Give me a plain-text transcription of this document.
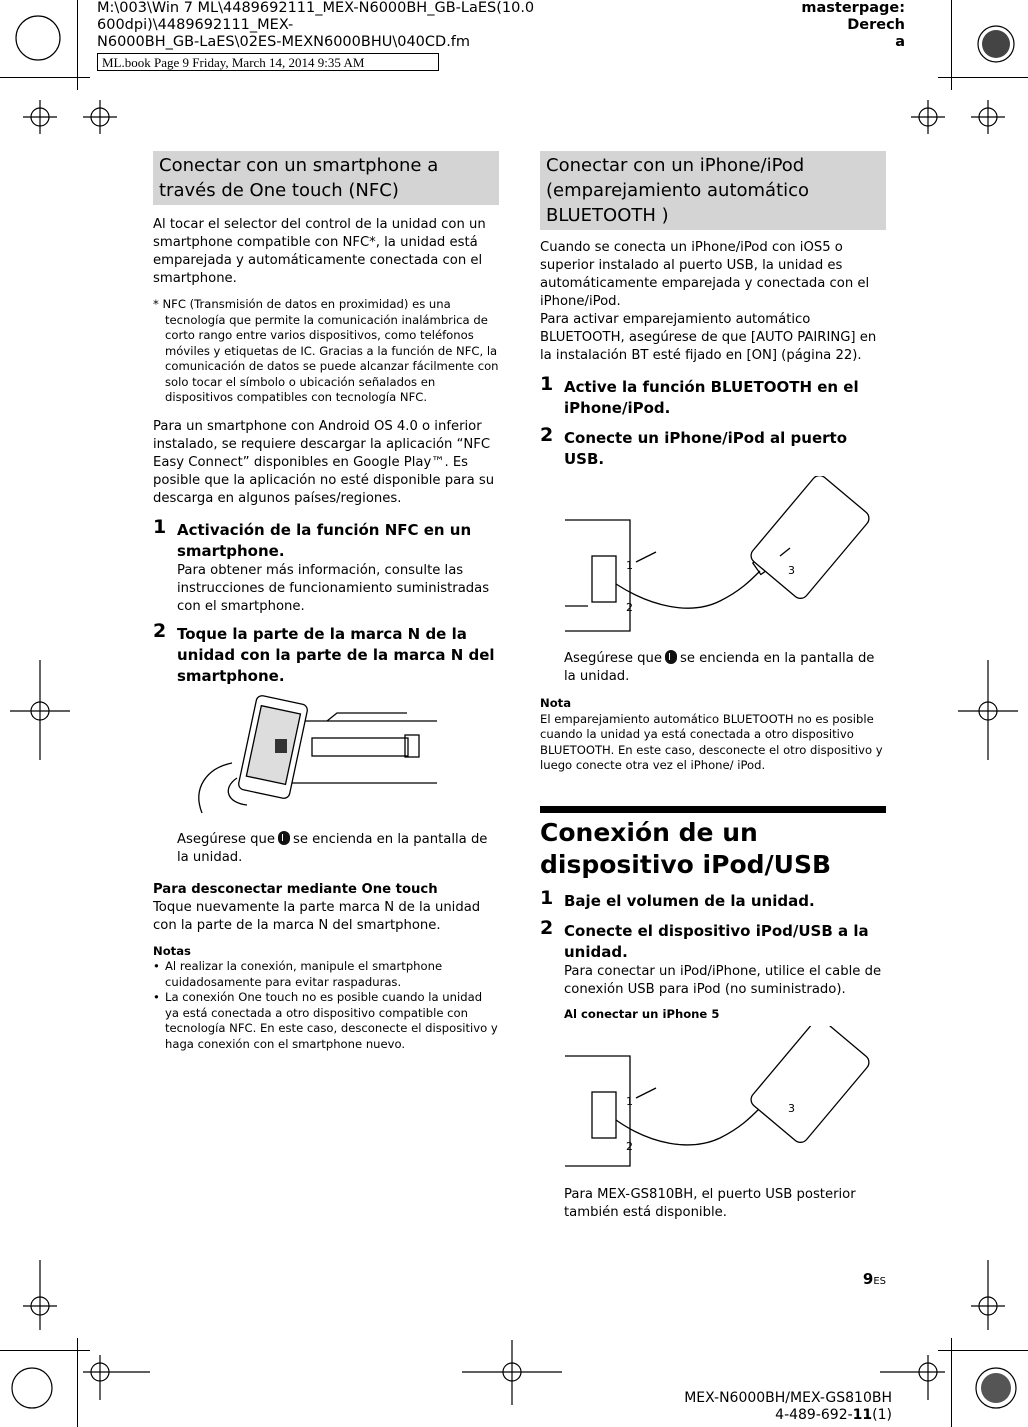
M:\003\Win 7 ML\4489692111_MEX-N6000BH_GB-LaES(10.0 600dpi)\4489692111_MEX-
N6000BH_GB-LaES\02ES-MEXN6000BHU\040CD.fm
masterpage: Derech
a
ML.book Page 9 Friday, March 14, 2014 9:35 AM
Conectar con un smartphone a través de One touch (NFC)

Al tocar el selector del control de la unidad con un smartphone compatible con NFC*, la unidad está emparejada y automáticamente conectada con el smartphone.

* NFC (Transmisión de datos en proximidad) es una tecnología que permite la comunicación inalámbrica de corto rango entre varios dispositivos, como teléfonos móviles y etiquetas de IC. Gracias a la función de NFC, la comunicación de datos se puede alcanzar fácilmente con solo tocar el símbolo o ubicación señalados en dispositivos compatibles con tecnología NFC.

Para un smartphone con Android OS 4.0 o inferior instalado, se requiere descargar la aplicación “NFC Easy Connect” disponibles en Google Play™. Es posible que la aplicación no esté disponible para su descarga en algunos países/regiones.

1 Activación de la función NFC en un smartphone.

Para obtener más información, consulte las instrucciones de funcionamiento suministradas con el smartphone.

2 Toque la parte de la marca N de la unidad con la parte de la marca N del smartphone.

Asegúrese que se encienda en la pantalla de la unidad.

Para desconectar mediante One touch

Toque nuevamente la parte marca N de la unidad con la parte de la marca N del smartphone.

Notas
• Al realizar la conexión, manipule el smartphone cuidadosamente para evitar raspaduras.
• La conexión One touch no es posible cuando la unidad ya está conectada a otro dispositivo compatible con tecnología NFC. En este caso, desconecte el dispositivo y haga conexión con el smartphone nuevo.
Conectar con un iPhone/iPod (emparejamiento automático BLUETOOTH )

Cuando se conecta un iPhone/iPod con iOS5 o superior instalado al puerto USB, la unidad es automáticamente emparejada y conectada con el iPhone/iPod.

Para activar emparejamiento automático BLUETOOTH, asegúrese de que [AUTO PAIRING] en la instalación BT esté fijado en [ON] (página 22).

1 Active la función BLUETOOTH en el iPhone/iPod.
2 Conecte un iPhone/iPod al puerto USB.
1
2
3

Asegúrese que se encienda en la pantalla de la unidad.

Nota

El emparejamiento automático BLUETOOTH no es posible cuando la unidad ya está conectada a otro dispositivo BLUETOOTH. En este caso, desconecte el otro dispositivo y luego conecte otra vez el iPhone/ iPod.

Conexión de un dispositivo iPod/USB
1 Baje el volumen de la unidad.
2 Conecte el dispositivo iPod/USB a la unidad.

Para conectar un iPod/iPhone, utilice el cable de conexión USB para iPod (no suministrado).

Al conectar un iPhone 5
1
2
3

Para MEX-GS810BH, el puerto USB posterior también está disponible.

9ES
MEX-N6000BH/MEX-GS810BH
4-489-692-11(1)
